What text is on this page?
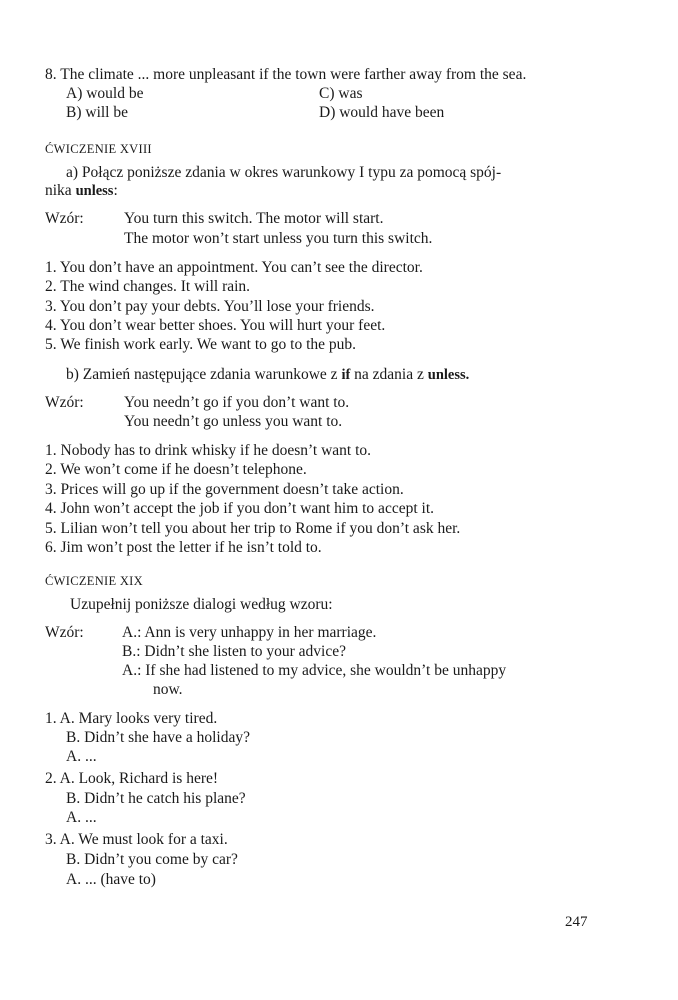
8. The climate ... more unpleasant if the town were farther away from the sea.
A) would be	C) was
B) will be	D) would have been
ĆWICZENIE XVIII
a) Połącz poniższe zdania w okres warunkowy I typu za pomocą spój-
nika unless:
Wzór:	You turn this switch. The motor will start.
The motor won’t start unless you turn this switch.
1. You don’t have an appointment. You can’t see the director.
2. The wind changes. It will rain.
3. You don’t pay your debts. You’ll lose your friends.
4. You don’t wear better shoes. You will hurt your feet.
5. We finish work early. We want to go to the pub.
b) Zamień następujące zdania warunkowe z if na zdania z unless.
Wzór:	You needn’t go if you don’t want to.
You needn’t go unless you want to.
1. Nobody has to drink whisky if he doesn’t want to.
2. We won’t come if he doesn’t telephone.
3. Prices will go up if the government doesn’t take action.
4. John won’t accept the job if you don’t want him to accept it.
5. Lilian won’t tell you about her trip to Rome if you don’t ask her.
6. Jim won’t post the letter if he isn’t told to.
ĆWICZENIE XIX
Uzupełnij poniższe dialogi według wzoru:
Wzór: A.: Ann is very unhappy in her marriage.
B.: Didn’t she listen to your advice?
A.: If she had listened to my advice, she wouldn’t be unhappy
now.
1. A. Mary looks very tired.
B. Didn’t she have a holiday?
A. ...
2. A. Look, Richard is here!
B. Didn’t he catch his plane?
A. ...
3. A. We must look for a taxi.
B. Didn’t you come by car?
A. ... (have to)
247
